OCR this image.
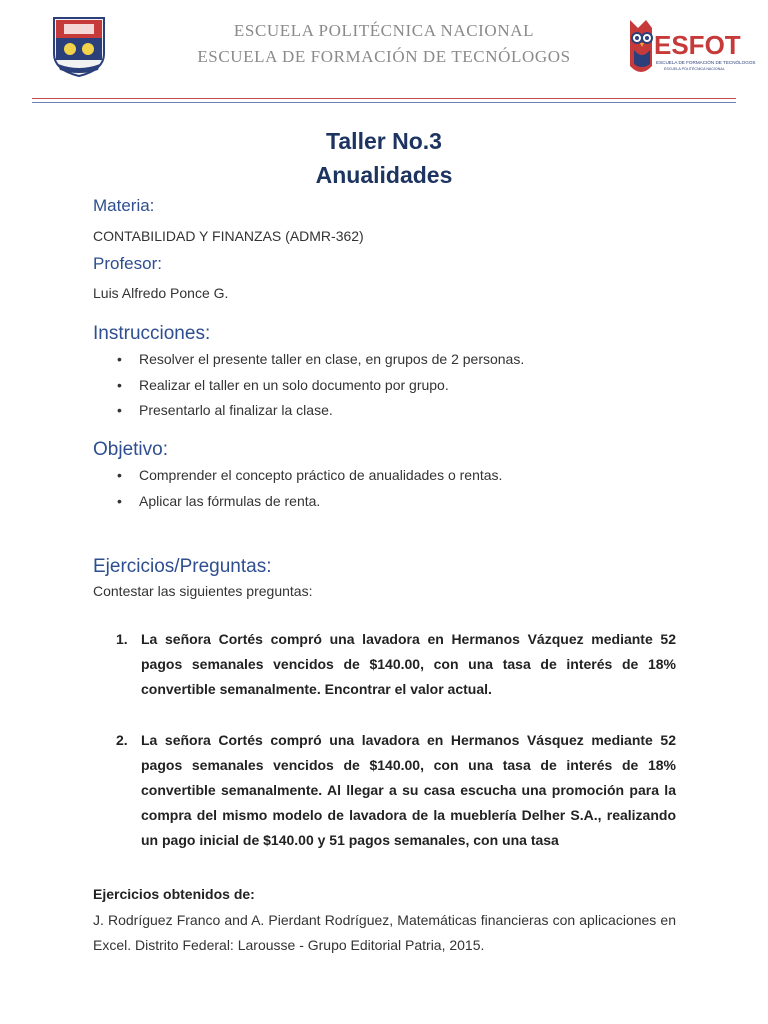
ESCUELA POLITÉCNICA NACIONAL
ESCUELA DE FORMACIÓN DE TECNÓLOGOS	ESFOT
ESCUELA DE FORMACIÓN DE TECNÓLOGOS
ESCUELA POLITÉCNICA NACIONAL
Taller No.3
Anualidades
Materia:
CONTABILIDAD Y FINANZAS (ADMR-362)
Profesor:
Luis Alfredo Ponce G.
Instrucciones:
• Resolver el presente taller en clase, en grupos de 2 personas.
• Realizar el taller en un solo documento por grupo.
• Presentarlo al finalizar la clase.
Objetivo:
• Comprender el concepto práctico de anualidades o rentas.
• Aplicar las fórmulas de renta.
Ejercicios/Preguntas:
Contestar las siguientes preguntas:
1. La señora Cortés compró una lavadora en Hermanos Vázquez mediante 52 pagos semanales vencidos de $140.00, con una tasa de interés de 18% convertible semanalmente. Encontrar el valor actual.
2. La señora Cortés compró una lavadora en Hermanos Vásquez mediante 52 pagos semanales vencidos de $140.00, con una tasa de interés de 18% convertible semanalmente. Al llegar a su casa escucha una promoción para la compra del mismo modelo de lavadora de la mueblería Delher S.A., realizando un pago inicial de $140.00 y 51 pagos semanales, con una tasa
Ejercicios obtenidos de:
J. Rodríguez Franco and A. Pierdant Rodríguez, Matemáticas financieras con aplicaciones en Excel. Distrito Federal: Larousse - Grupo Editorial Patria, 2015.
